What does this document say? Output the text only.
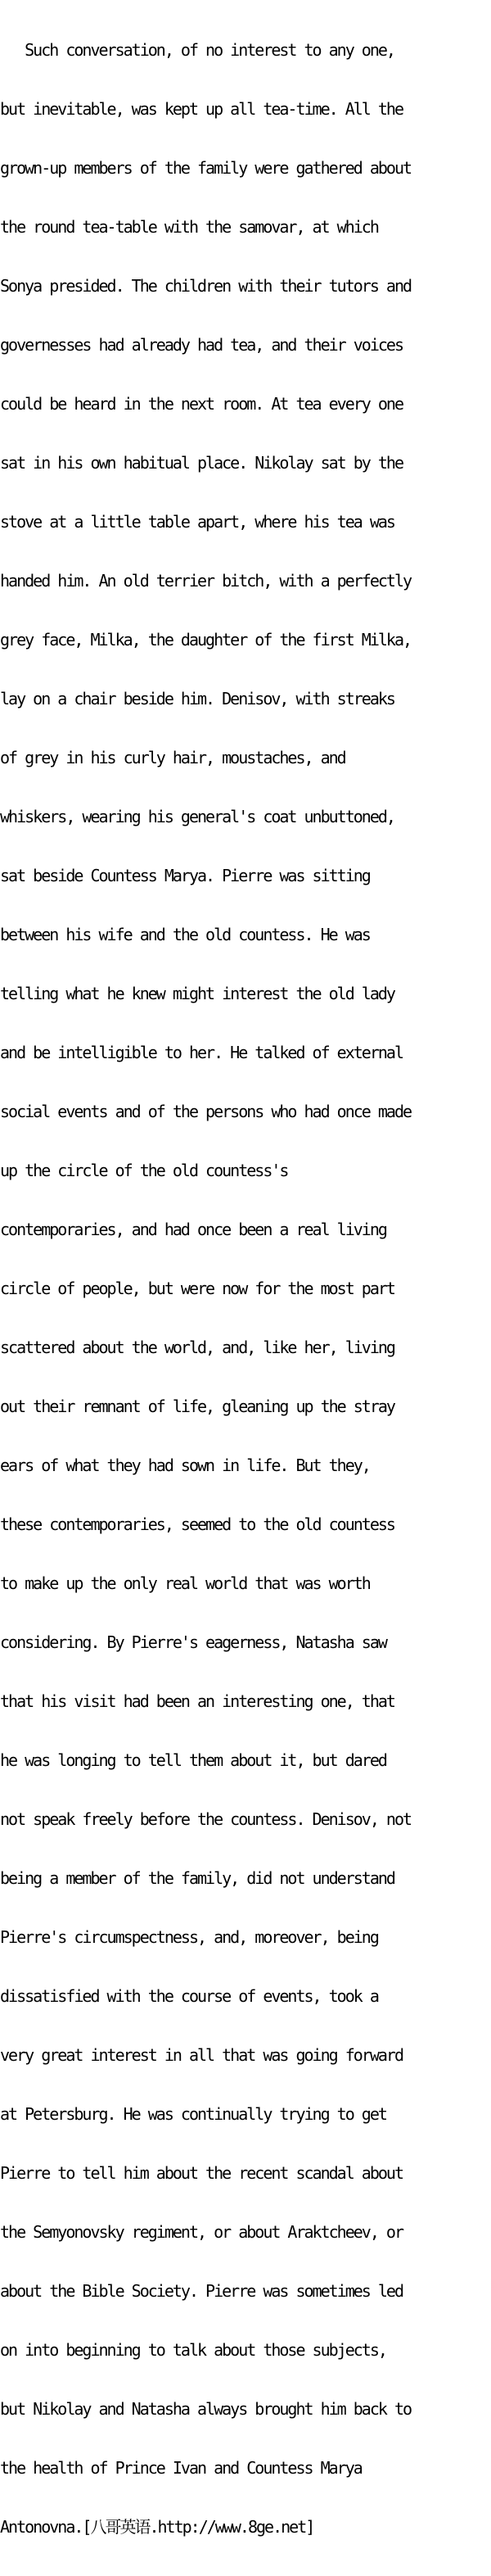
Such conversation, of no interest to any one,

but inevitable, was kept up all tea-time. All the

grown-up members of the family were gathered about

the round tea-table with the samovar, at which

Sonya presided. The children with their tutors and

governesses had already had tea, and their voices

could be heard in the next room. At tea every one

sat in his own habitual place. Nikolay sat by the

stove at a little table apart, where his tea was

handed him. An old terrier bitch, with a perfectly

grey face, Milka, the daughter of the first Milka,

lay on a chair beside him. Denisov, with streaks

of grey in his curly hair, moustaches, and

whiskers, wearing his general's coat unbuttoned,

sat beside Countess Marya. Pierre was sitting

between his wife and the old countess. He was

telling what he knew might interest the old lady

and be intelligible to her. He talked of external

social events and of the persons who had once made

up the circle of the old countess's

contemporaries, and had once been a real living

circle of people, but were now for the most part

scattered about the world, and, like her, living

out their remnant of life, gleaning up the stray

ears of what they had sown in life. But they,

these contemporaries, seemed to the old countess

to make up the only real world that was worth

considering. By Pierre's eagerness, Natasha saw

that his visit had been an interesting one, that

he was longing to tell them about it, but dared

not speak freely before the countess. Denisov, not

being a member of the family, did not understand

Pierre's circumspectness, and, moreover, being

dissatisfied with the course of events, took a

very great interest in all that was going forward

at Petersburg. He was continually trying to get

Pierre to tell him about the recent scandal about

the Semyonovsky regiment, or about Araktcheev, or

about the Bible Society. Pierre was sometimes led

on into beginning to talk about those subjects,

but Nikolay and Natasha always brought him back to

the health of Prince Ivan and Countess Marya

Antonovna.[八哥英语.http://www.8ge.net]
